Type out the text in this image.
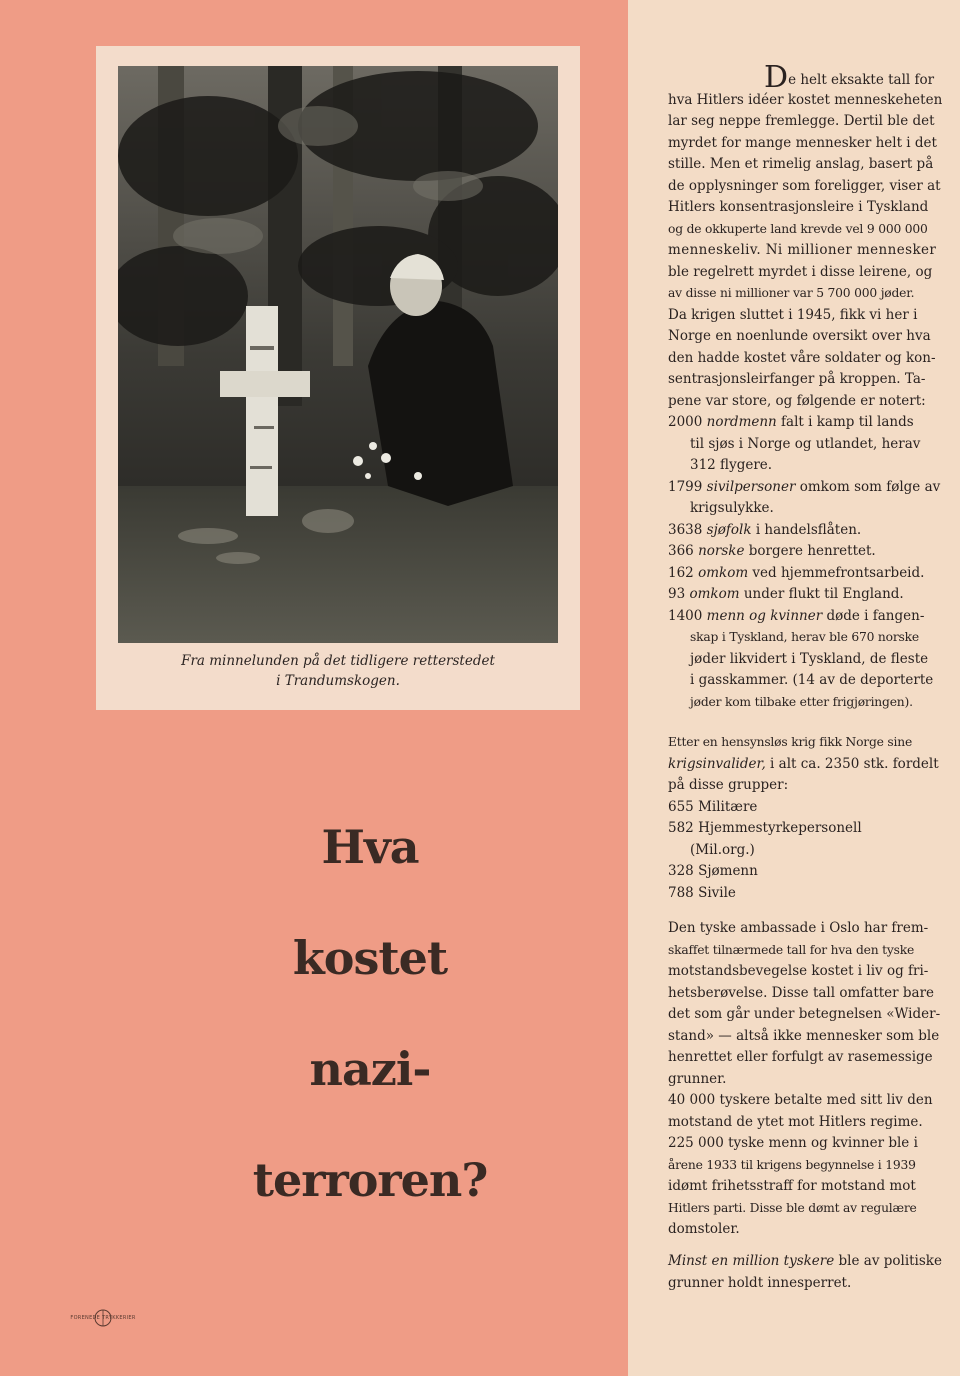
Fra minnelunden på det tidligere retterstedet
i Trandumskogen.
Hva
kostet
nazi-
terroren?
FORENEDE TRYKKERIER
De helt eksakte tall for
hva Hitlers idéer kostet menneskeheten
lar seg neppe fremlegge. Dertil ble det
myrdet for mange mennesker helt i det
stille. Men et rimelig anslag, basert på
de opplysninger som foreligger, viser at
Hitlers konsentrasjonsleire i Tyskland
og de okkuperte land krevde vel 9 000 000
menneskeliv. Ni millioner mennesker
ble regelrett myrdet i disse leirene, og
av disse ni millioner var 5 700 000 jøder.
Da krigen sluttet i 1945, fikk vi her i
Norge en noenlunde oversikt over hva
den hadde kostet våre soldater og kon-
sentrasjonsleirfanger på kroppen. Ta-
pene var store, og følgende er notert:
2000 nordmenn falt i kamp til lands
til sjøs i Norge og utlandet, herav
312 flygere.
1799 sivilpersoner omkom som følge av
krigsulykke.
3638 sjøfolk i handelsflåten.
366 norske borgere henrettet.
162 omkom ved hjemmefrontsarbeid.
93 omkom under flukt til England.
1400 menn og kvinner døde i fangen-
skap i Tyskland, herav ble 670 norske
jøder likvidert i Tyskland, de fleste
i gasskammer. (14 av de deporterte
jøder kom tilbake etter frigjøringen).
Etter en hensynsløs krig fikk Norge sine
krigsinvalider, i alt ca. 2350 stk. fordelt
på disse grupper:
655 Militære
582 Hjemmestyrkepersonell
(Mil.org.)
328 Sjømenn
788 Sivile
Den tyske ambassade i Oslo har frem-
skaffet tilnærmede tall for hva den tyske
motstandsbevegelse kostet i liv og fri-
hetsberøvelse. Disse tall omfatter bare
det som går under betegnelsen «Wider-
stand» — altså ikke mennesker som ble
henrettet eller forfulgt av rasemessige
grunner.
40 000 tyskere betalte med sitt liv den
motstand de ytet mot Hitlers regime.
225 000 tyske menn og kvinner ble i
årene 1933 til krigens begynnelse i 1939
idømt frihetsstraff for motstand mot
Hitlers parti. Disse ble dømt av regulære
domstoler.
Minst en million tyskere ble av politiske
grunner holdt innesperret.
